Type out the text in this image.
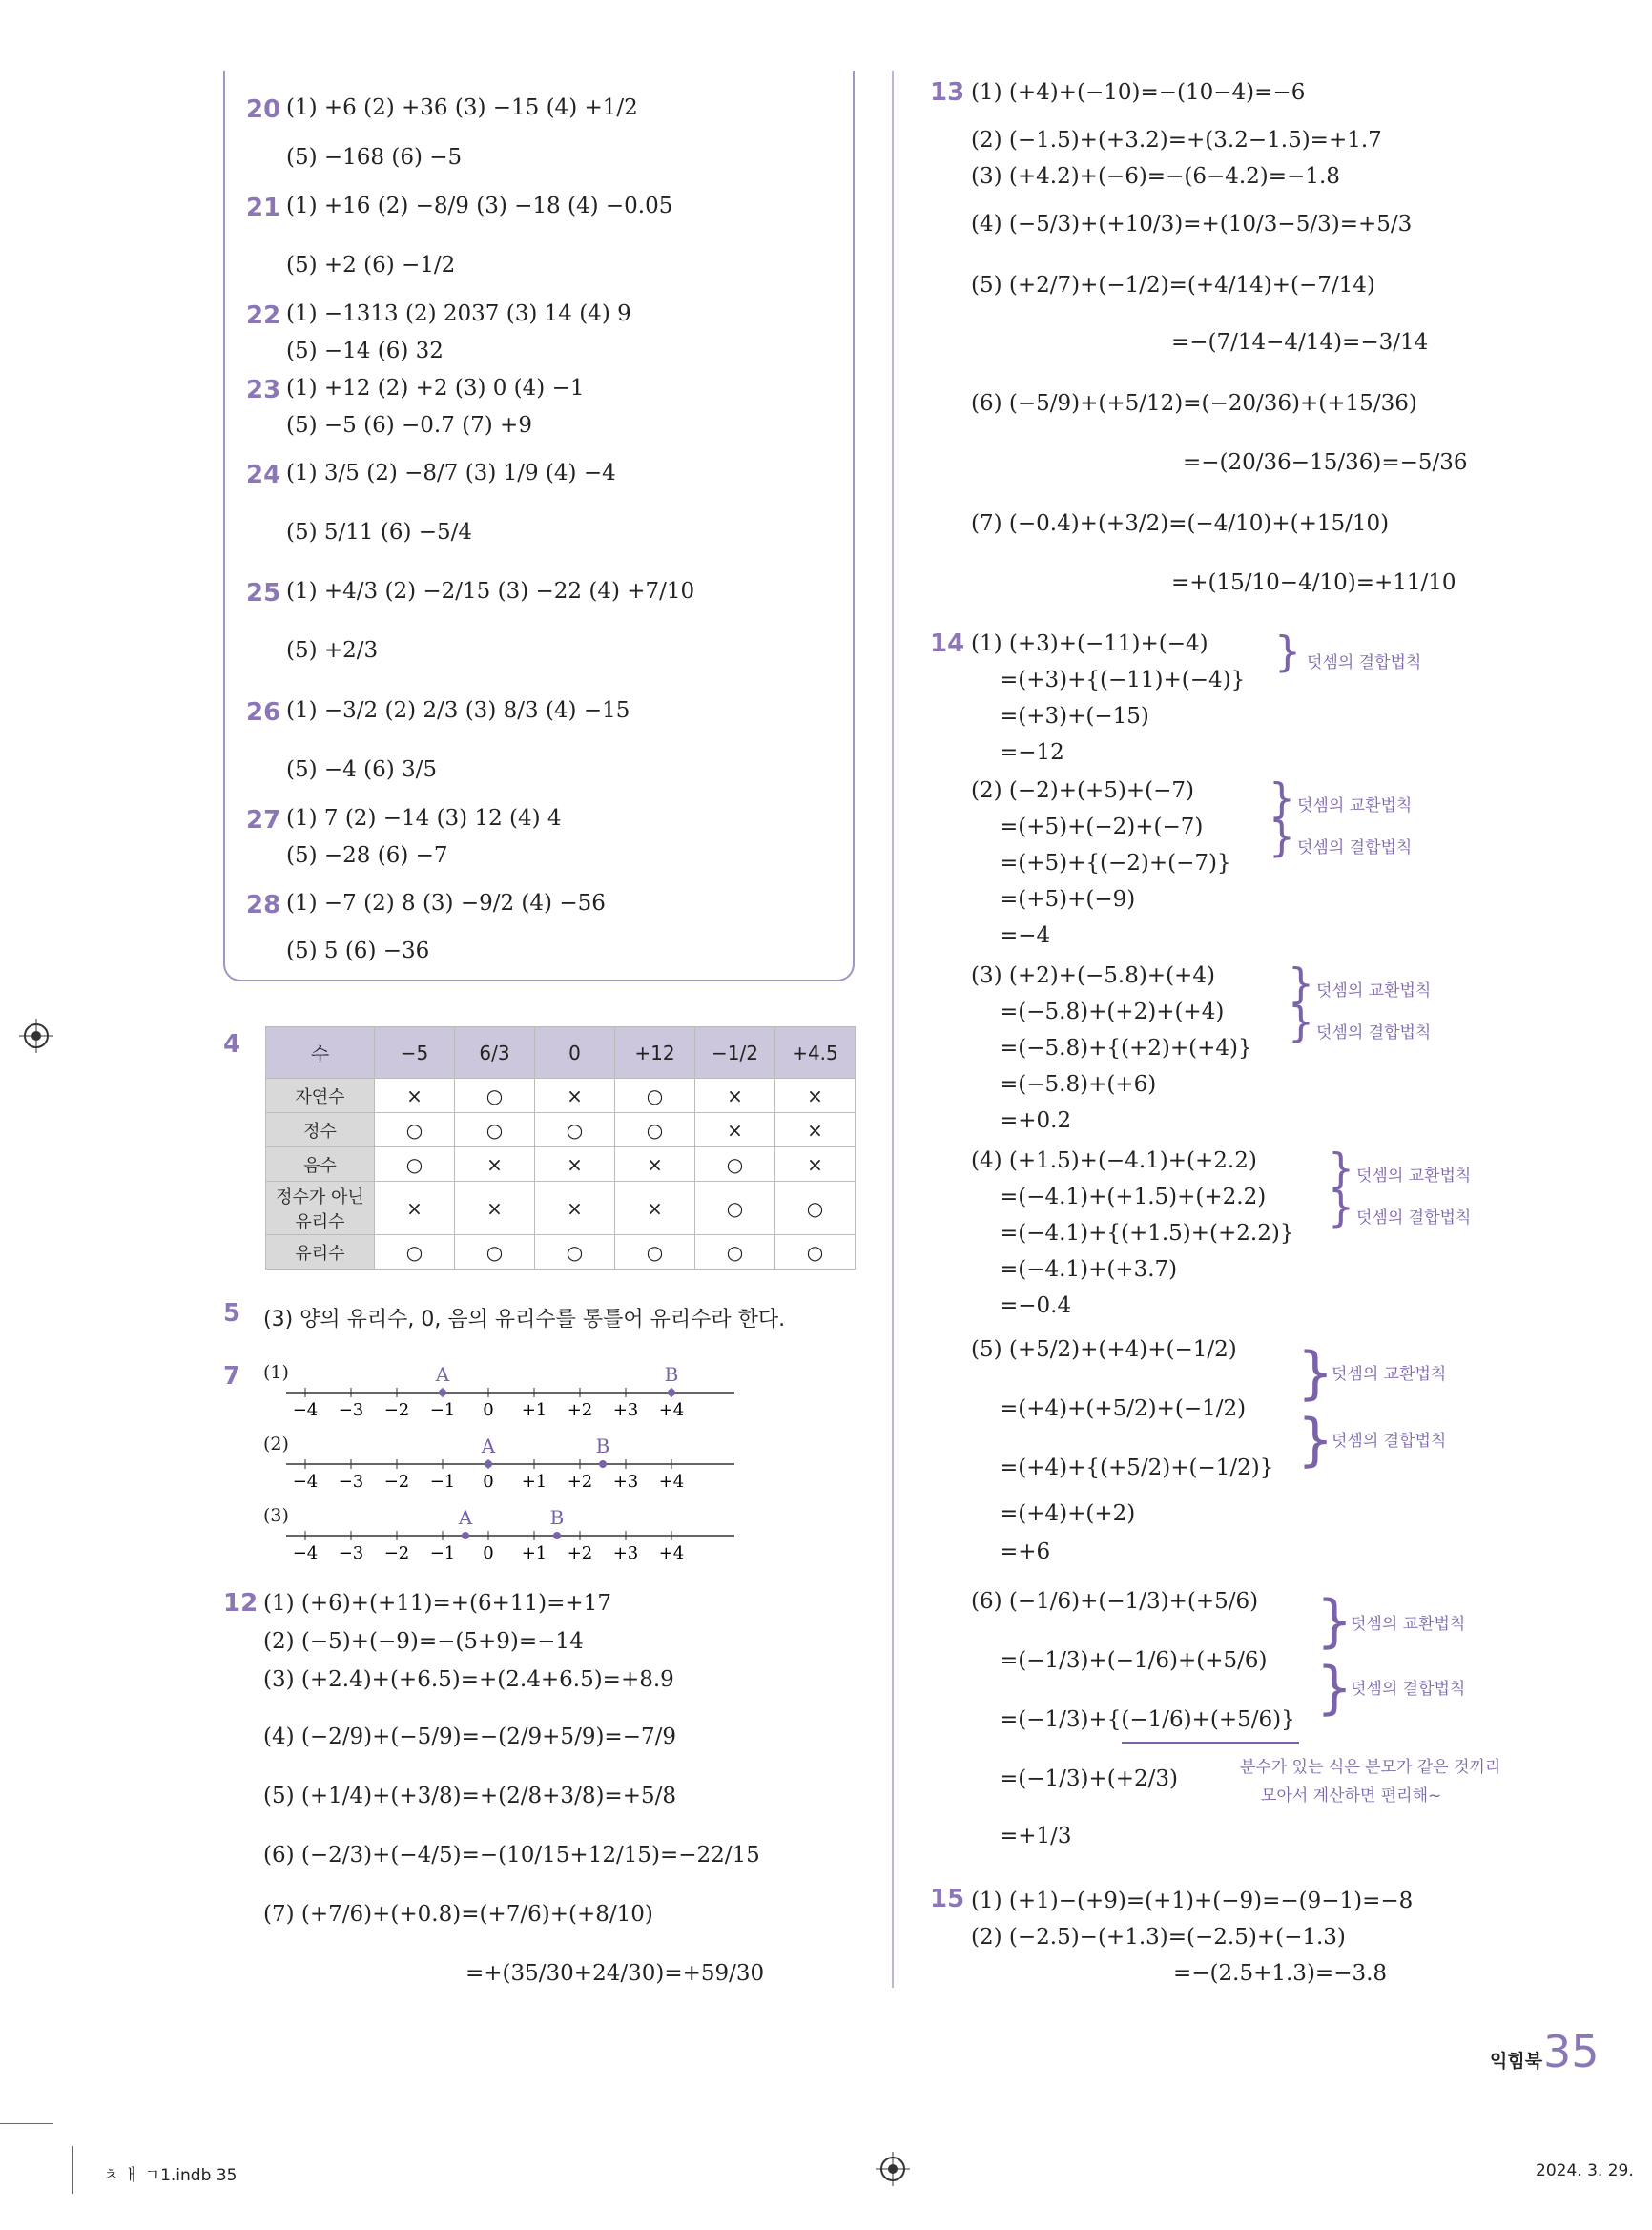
20 (1) +6 (2) +36 (3) −15 (4) +1/2
(5) −168 (6) −5
21 (1) +16 (2) −8/9 (3) −18 (4) −0.05
(5) +2 (6) −1/2
22 (1) −1313 (2) 2037 (3) 14 (4) 9
(5) −14 (6) 32
23 (1) +12 (2) +2 (3) 0 (4) −1
(5) −5 (6) −0.7 (7) +9
24 (1) 3/5 (2) −8/7 (3) 1/9 (4) −4
(5) 5/11 (6) −5/4
25 (1) +4/3 (2) −2/15 (3) −22 (4) +7/10
(5) +2/3
26 (1) −3/2 (2) 2/3 (3) 8/3 (4) −15
(5) −4 (6) 3/5
27 (1) 7 (2) −14 (3) 12 (4) 4
(5) −28 (6) −7
28 (1) −7 (2) 8 (3) −9/2 (4) −56
(5) 5 (6) −36
4	수	−5	6/3	0	+12	−1/2	+4.5
자연수	×	○	×	○	×	×
정수	○	○	○	○	×	×
음수	○	×	×	×	○	×
정수가 아닌 유리수	×	×	×	×	○	○
유리수	○	○	○	○	○	○
5 (3) 양의 유리수, 0, 음의 유리수를 통틀어 유리수라 한다.
7 (1)
(2)
(3)
−4 −3 −2 −1 0 +1 +2 +3 +4
A	B
−4 −3 −2 −1 0 +1 +2 +3 +4
A	B
−4 −3 −2 −1 0 +1 +2 +3 +4
A	B
12 (1) (+6)+(+11)=+(6+11)=+17
(2) (−5)+(−9)=−(5+9)=−14
(3) (+2.4)+(+6.5)=+(2.4+6.5)=+8.9
(4) (−2/9)+(−5/9)=−(2/9+5/9)=−7/9
(5) (+1/4)+(+3/8)=+(2/8+3/8)=+5/8
(6) (−2/3)+(−4/5)=−(10/15+12/15)=−22/15
(7) (+7/6)+(+0.8)=(+7/6)+(+8/10)
=+(35/30+24/30)=+59/30
13 (1) (+4)+(−10)=−(10−4)=−6
(2) (−1.5)+(+3.2)=+(3.2−1.5)=+1.7
(3) (+4.2)+(−6)=−(6−4.2)=−1.8
(4) (−5/3)+(+10/3)=+(10/3−5/3)=+5/3
(5) (+2/7)+(−1/2)=(+4/14)+(−7/14)
=−(7/14−4/14)=−3/14
(6) (−5/9)+(+5/12)=(−20/36)+(+15/36)
=−(20/36−15/36)=−5/36
(7) (−0.4)+(+3/2)=(−4/10)+(+15/10)
=+(15/10−4/10)=+11/10
14 (1) (+3)+(−11)+(−4)
=(+3)+{(−11)+(−4)}
=(+3)+(−15)
=−12
} 덧셈의 결합법칙
(2) (−2)+(+5)+(−7)
=(+5)+(−2)+(−7)
=(+5)+{(−2)+(−7)}
=(+5)+(−9)
=−4
} 덧셈의 교환법칙
} 덧셈의 결합법칙
(3) (+2)+(−5.8)+(+4)
=(−5.8)+(+2)+(+4)
=(−5.8)+{(+2)+(+4)}
=(−5.8)+(+6)
=+0.2
} 덧셈의 교환법칙
} 덧셈의 결합법칙
(4) (+1.5)+(−4.1)+(+2.2)
=(−4.1)+(+1.5)+(+2.2)
=(−4.1)+{(+1.5)+(+2.2)}
=(−4.1)+(+3.7)
=−0.4
} 덧셈의 교환법칙
} 덧셈의 결합법칙
(5) (+5/2)+(+4)+(−1/2)
=(+4)+(+5/2)+(−1/2)
=(+4)+{(+5/2)+(−1/2)}
=(+4)+(+2)
=+6
}
덧셈의 교환법칙
}
덧셈의 결합법칙
(6) (−1/6)+(−1/3)+(+5/6)
=(−1/3)+(−1/6)+(+5/6)
=(−1/3)+{(−1/6)+(+5/6)}
=(−1/3)+(+2/3)
=+1/3
}
덧셈의 교환법칙
}
덧셈의 결합법칙
분수가 있는 식은 분모가 같은 것끼리
모아서 계산하면 편리해~
15 (1) (+1)−(+9)=(+1)+(−9)=−(9−1)=−8
(2) (−2.5)−(+1.3)=(−2.5)+(−1.3)
=−(2.5+1.3)=−3.8
익힘북 35
ㅊ ㅐ ㄱ1.indb 35	2024. 3. 29.
